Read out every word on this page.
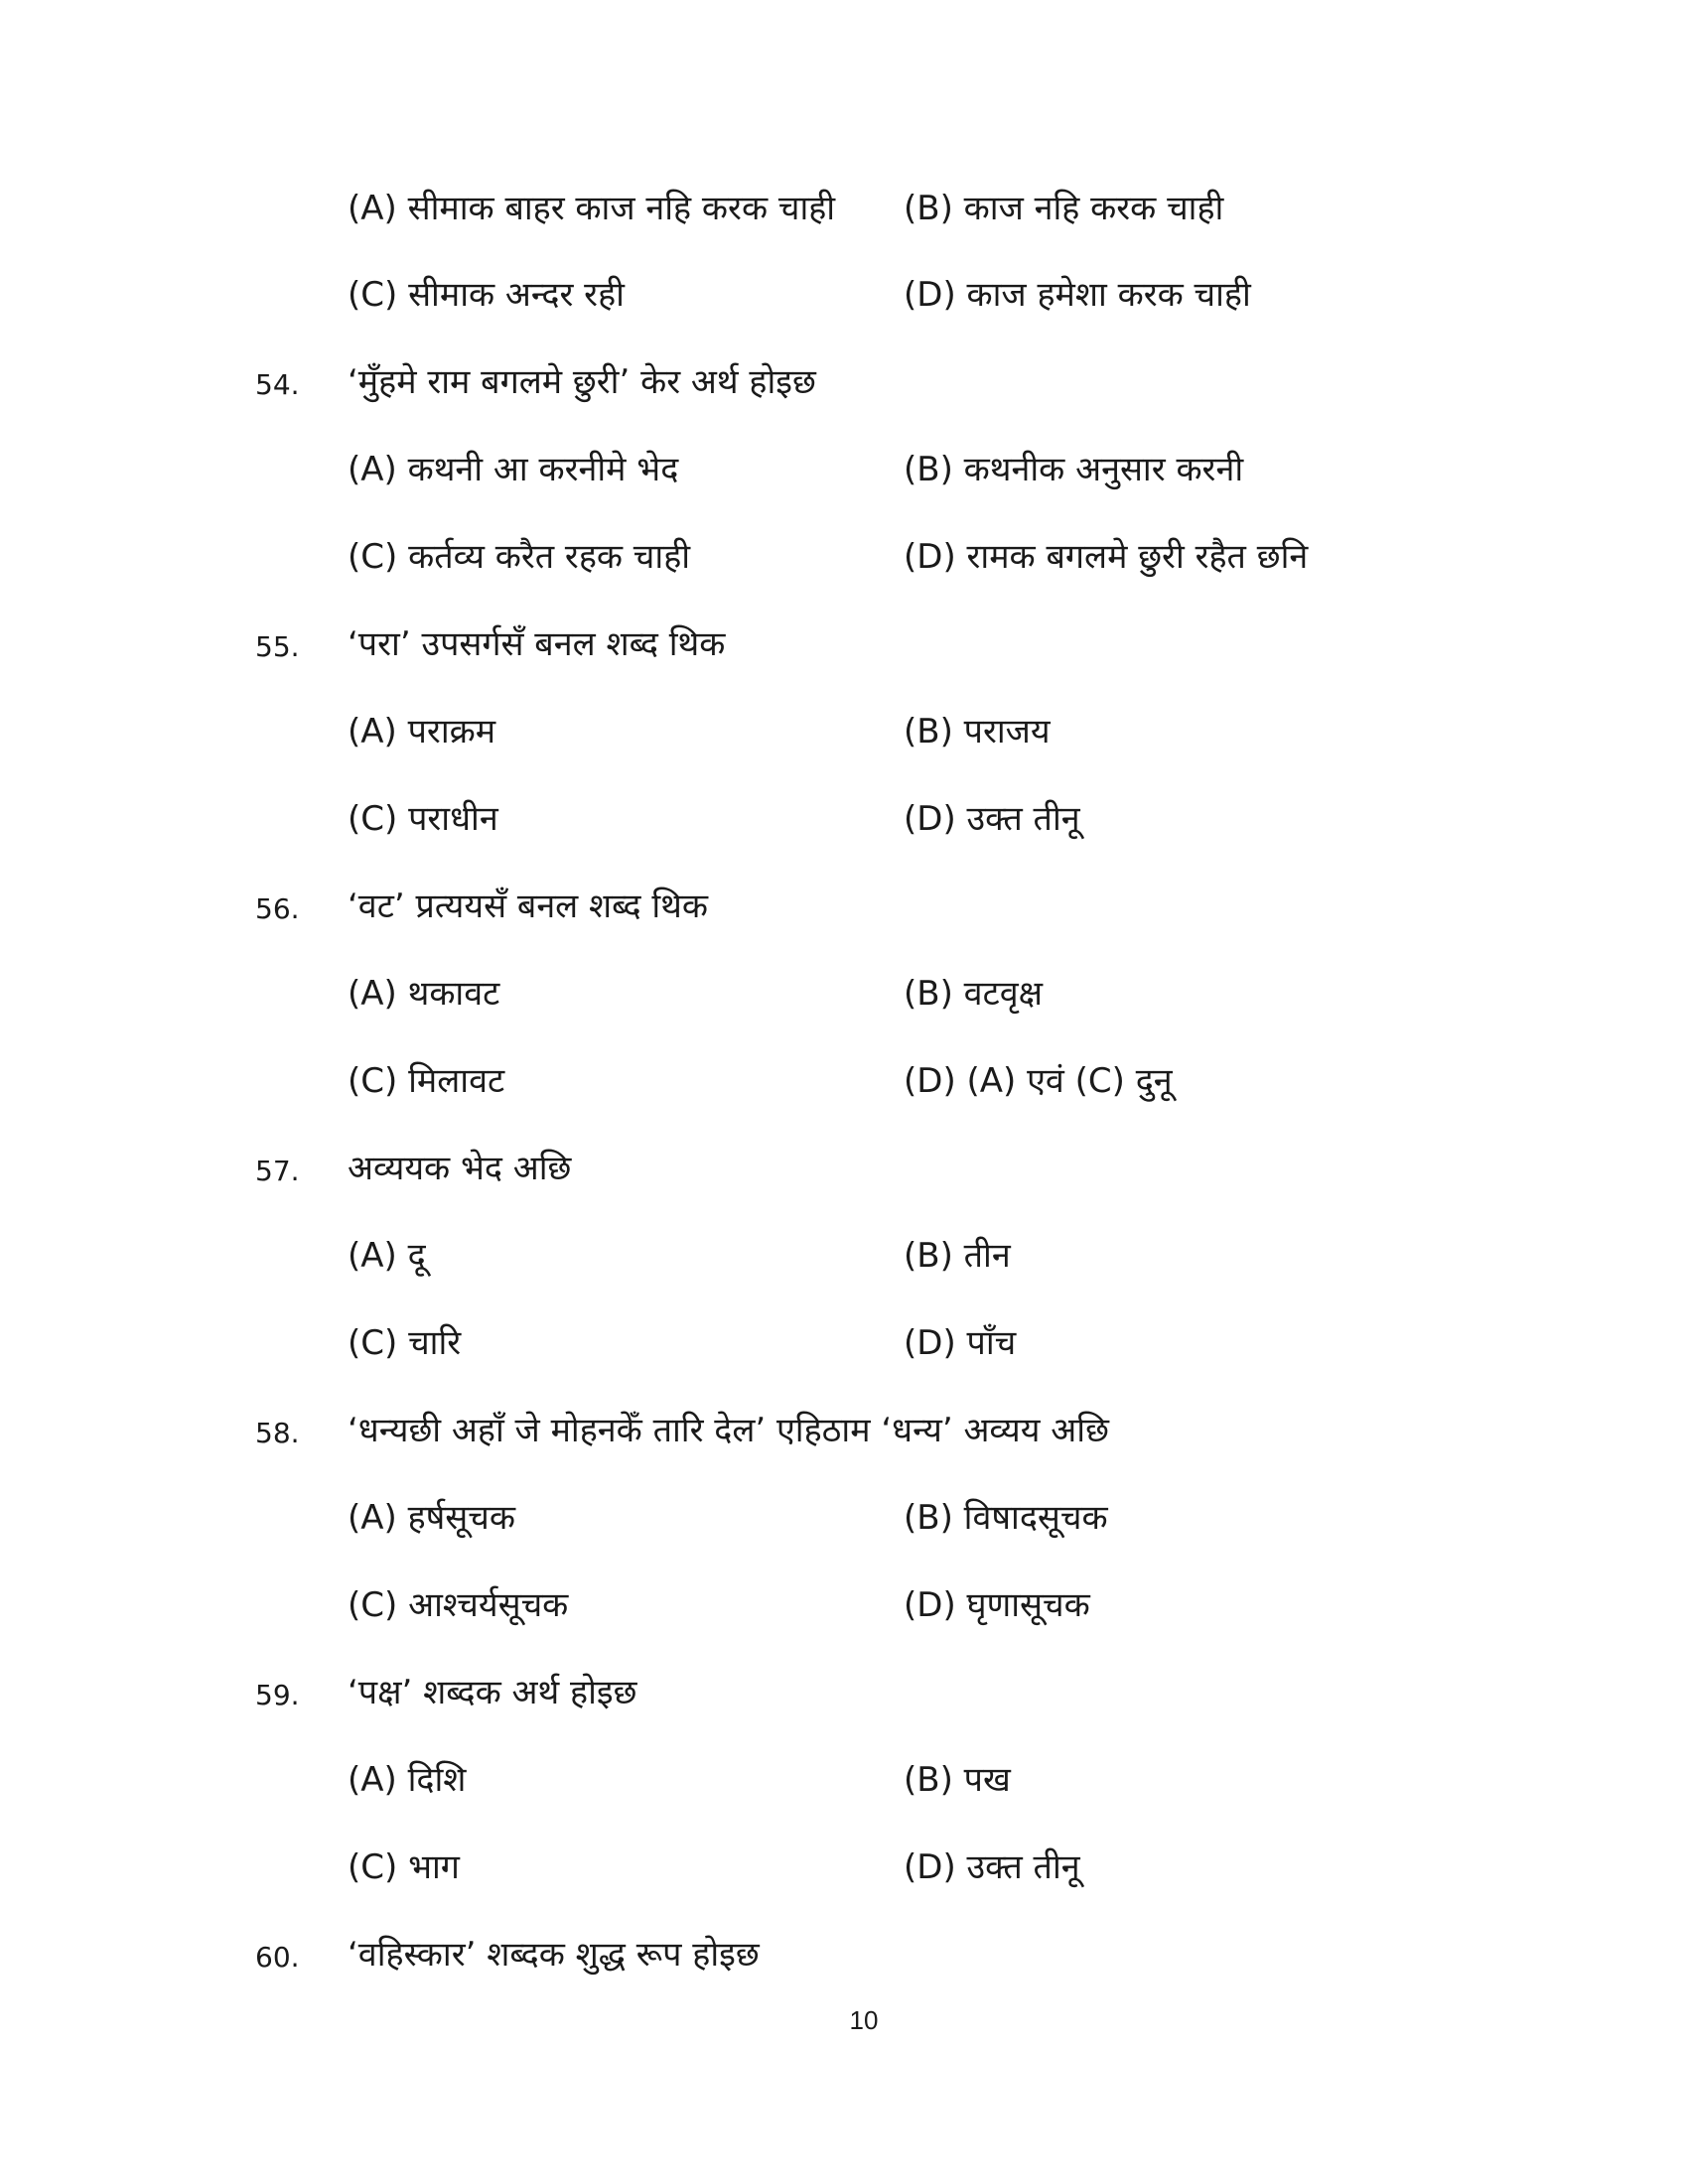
(A) सीमाक बाहर काज नहि करक चाही (B) काज नहि करक चाही
(C) सीमाक अन्दर रही	(D) काज हमेशा करक चाही
54. ‘मुँहमे राम बगलमे छुरी’ केर अर्थ होइछ
(A) कथनी आ करनीमे भेद	(B) कथनीक अनुसार करनी
(C) कर्तव्य करैत रहक चाही	(D) रामक बगलमे छुरी रहैत छनि
55. ‘परा’ उपसर्गसँ बनल शब्द थिक
(A) पराक्रम	(B) पराजय
(C) पराधीन	(D) उक्त तीनू
56. ‘वट’ प्रत्ययसँ बनल शब्द थिक
(A) थकावट	(B) वटवृक्ष
(C) मिलावट	(D) (A) एवं (C) दुनू
57. अव्ययक भेद अछि
(A) दू	(B) तीन
(C) चारि	(D) पाँच
58. ‘धन्यछी अहाँ जे मोहनकेँ तारि देल’ एहिठाम ‘धन्य’ अव्यय अछि
(A) हर्षसूचक	(B) विषादसूचक
(C) आश्चर्यसूचक	(D) घृणासूचक
59. ‘पक्ष’ शब्दक अर्थ होइछ
(A) दिशि	(B) पख
(C) भाग	(D) उक्त तीनू
60. ‘वहिस्कार’ शब्दक शुद्ध रूप होइछ
10
